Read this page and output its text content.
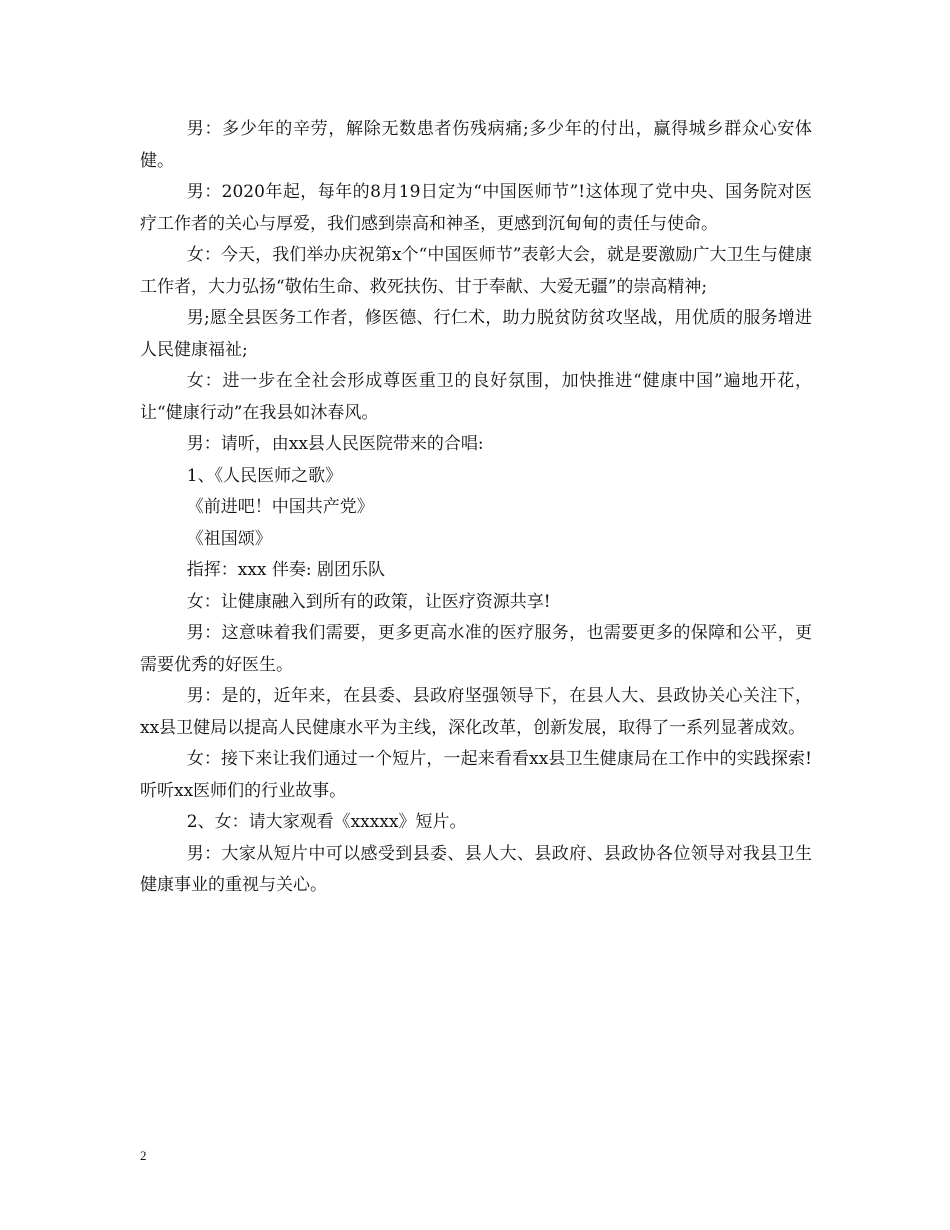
男：多少年的辛劳，解除无数患者伤残病痛;多少年的付出，赢得城乡群众心安体健。

男：2020年起，每年的8月19日定为“中国医师节”!这体现了党中央、国务院对医疗工作者的关心与厚爱，我们感到崇高和神圣，更感到沉甸甸的责任与使命。

女：今天，我们举办庆祝第x个“中国医师节”表彰大会，就是要激励广大卫生与健康工作者，大力弘扬“敬佑生命、救死扶伤、甘于奉献、大爱无疆”的崇高精神;

男;愿全县医务工作者，修医德、行仁术，助力脱贫防贫攻坚战，用优质的服务增进人民健康福祉;

女：进一步在全社会形成尊医重卫的良好氛围，加快推进“健康中国”遍地开花，让“健康行动”在我县如沐春风。

男：请听，由xx县人民医院带来的合唱:

1、《人民医师之歌》

《前进吧！中国共产党》

《祖国颂》

指挥：xxx 伴奏: 剧团乐队

女：让健康融入到所有的政策，让医疗资源共享!

男：这意味着我们需要，更多更高水准的医疗服务，也需要更多的保障和公平，更需要优秀的好医生。

男：是的，近年来，在县委、县政府坚强领导下，在县人大、县政协关心关注下，xx县卫健局以提高人民健康水平为主线，深化改革，创新发展，取得了一系列显著成效。

女：接下来让我们通过一个短片，一起来看看xx县卫生健康局在工作中的实践探索!听听xx医师们的行业故事。

2、女：请大家观看《xxxxx》短片。

男：大家从短片中可以感受到县委、县人大、县政府、县政协各位领导对我县卫生健康事业的重视与关心。

2
